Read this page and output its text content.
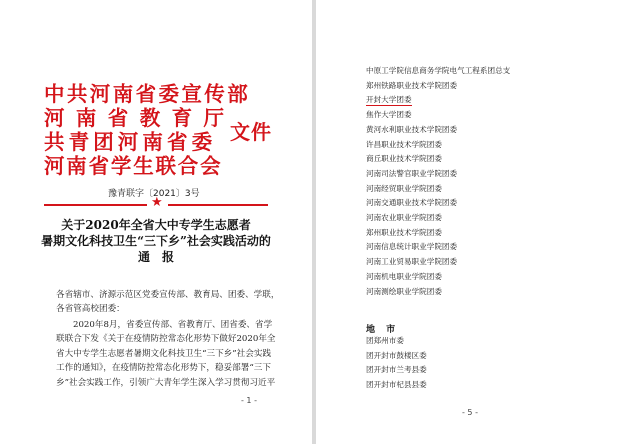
中共河南省委宣传部
河南省教育厅
共青团河南省委
河南省学生联合会
文件
豫青联字〔2021〕3号
★
关于2020年全省大中专学生志愿者
暑期文化科技卫生“三下乡”社会实践活动的
通　报
各省辖市、济源示范区党委宣传部、教育局、团委、学联，
各省管高校团委：
2020年8月，省委宣传部、省教育厅、团省委、省学
联联合下发《关于在疫情防控常态化形势下做好2020年全
省大中专学生志愿者暑期文化科技卫生“三下乡”社会实践
工作的通知》，在疫情防控常态化形势下，稳妥部署“三下
乡”社会实践工作，引领广大青年学生深入学习贯彻习近平
- 1 -
中原工学院信息商务学院电气工程系团总支
郑州铁路职业技术学院团委
开封大学团委
焦作大学团委
黄河水利职业技术学院团委
许昌职业技术学院团委
商丘职业技术学院团委
河南司法警官职业学院团委
河南经贸职业学院团委
河南交通职业技术学院团委
河南农业职业学院团委
郑州职业技术学院团委
河南信息统计职业学院团委
河南工业贸易职业学院团委
河南机电职业学院团委
河南测绘职业学院团委
地 市
团郑州市委
团开封市鼓楼区委
团开封市兰考县委
团开封市杞县县委
- 5 -
